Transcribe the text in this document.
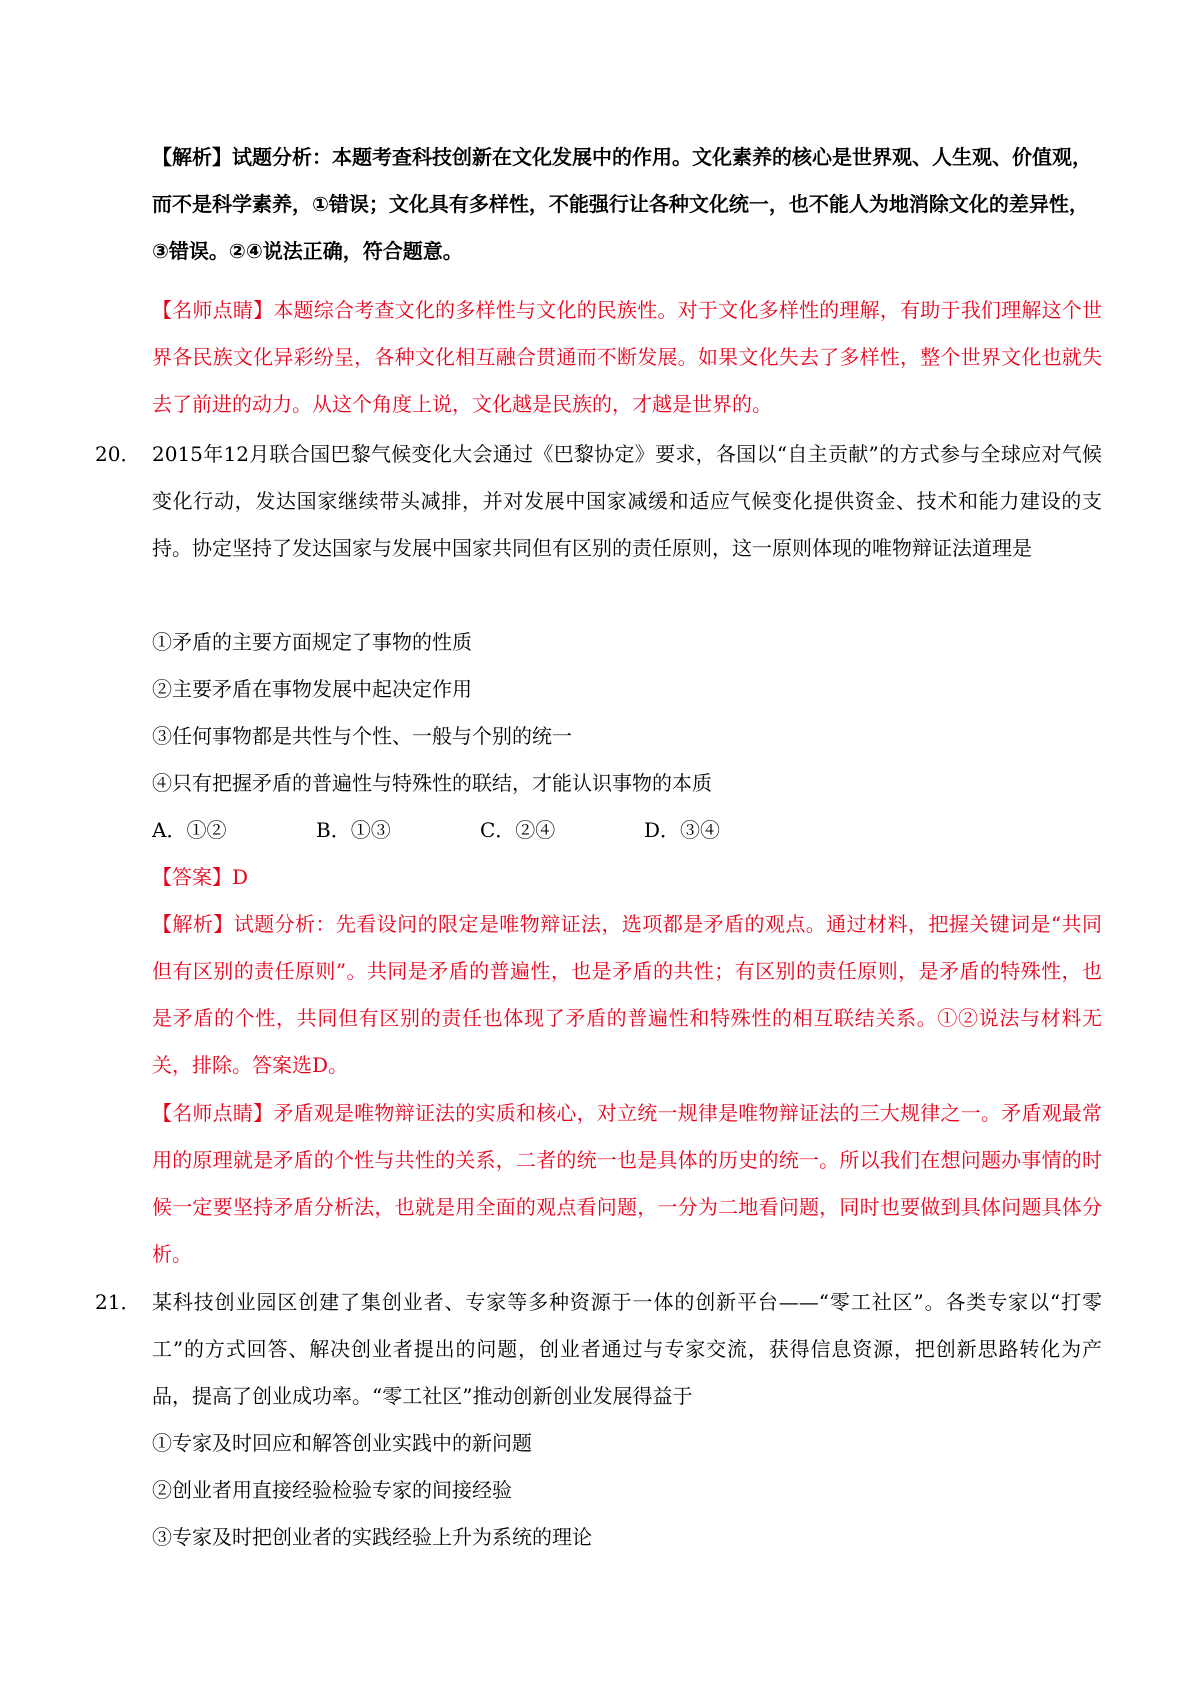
【解析】试题分析：本题考查科技创新在文化发展中的作用。文化素养的核心是世界观、人生观、价值观，而不是科学素养，①错误；文化具有多样性，不能强行让各种文化统一，也不能人为地消除文化的差异性，③错误。②④说法正确，符合题意。
【名师点睛】本题综合考查文化的多样性与文化的民族性。对于文化多样性的理解，有助于我们理解这个世界各民族文化异彩纷呈，各种文化相互融合贯通而不断发展。如果文化失去了多样性，整个世界文化也就失去了前进的动力。从这个角度上说，文化越是民族的，才越是世界的。
20． 2015年12月联合国巴黎气候变化大会通过《巴黎协定》要求，各国以“自主贡献”的方式参与全球应对气候变化行动，发达国家继续带头减排，并对发展中国家减缓和适应气候变化提供资金、技术和能力建设的支持。协定坚持了发达国家与发展中国家共同但有区别的责任原则，这一原则体现的唯物辩证法道理是
①矛盾的主要方面规定了事物的性质
②主要矛盾在事物发展中起决定作用
③任何事物都是共性与个性、一般与个别的统一
④只有把握矛盾的普遍性与特殊性的联结，才能认识事物的本质
A．①②	B．①③	C．②④	D．③④
【答案】D
【解析】试题分析：先看设问的限定是唯物辩证法，选项都是矛盾的观点。通过材料，把握关键词是“共同但有区别的责任原则”。共同是矛盾的普遍性，也是矛盾的共性；有区别的责任原则，是矛盾的特殊性，也是矛盾的个性，共同但有区别的责任也体现了矛盾的普遍性和特殊性的相互联结关系。①②说法与材料无关，排除。答案选D。
【名师点睛】矛盾观是唯物辩证法的实质和核心，对立统一规律是唯物辩证法的三大规律之一。矛盾观最常用的原理就是矛盾的个性与共性的关系，二者的统一也是具体的历史的统一。所以我们在想问题办事情的时候一定要坚持矛盾分析法，也就是用全面的观点看问题，一分为二地看问题，同时也要做到具体问题具体分析。
21． 某科技创业园区创建了集创业者、专家等多种资源于一体的创新平台——“零工社区”。各类专家以“打零工”的方式回答、解决创业者提出的问题，创业者通过与专家交流，获得信息资源，把创新思路转化为产品，提高了创业成功率。“零工社区”推动创新创业发展得益于
①专家及时回应和解答创业实践中的新问题
②创业者用直接经验检验专家的间接经验
③专家及时把创业者的实践经验上升为系统的理论
